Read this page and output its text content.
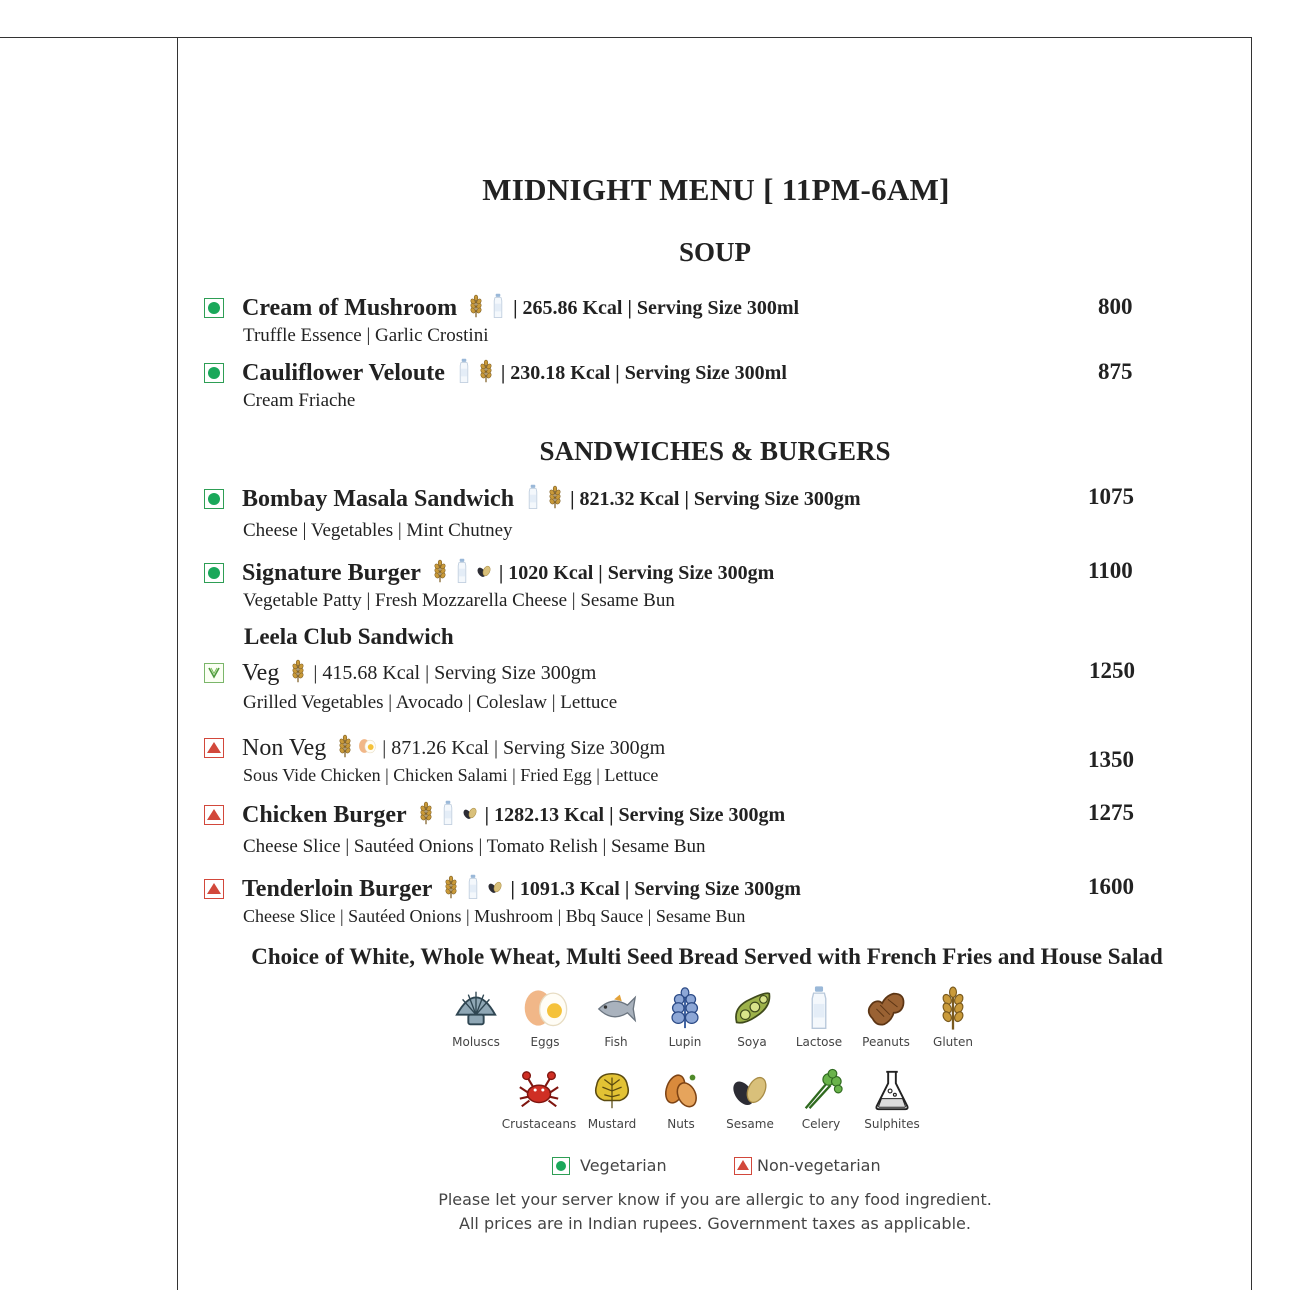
MIDNIGHT MENU [ 11PM-6AM]
SOUP
SANDWICHES & BURGERS
Cream of Mushroom	| 265.86 Kcal | Serving Size 300ml
Truffle Essence | Garlic Crostini
800
Cauliflower Veloute	| 230.18 Kcal | Serving Size 300ml
Cream Friache
875
Bombay Masala Sandwich	| 821.32 Kcal | Serving Size 300gm
Cheese | Vegetables | Mint Chutney
1075
Signature Burger	| 1020 Kcal | Serving Size 300gm
Vegetable Patty | Fresh Mozzarella Cheese | Sesame Bun
1100
Leela Club Sandwich
Veg | 415.68 Kcal | Serving Size 300gm
Grilled Vegetables | Avocado | Coleslaw | Lettuce
1250
Non Veg	| 871.26 Kcal | Serving Size 300gm
Sous Vide Chicken | Chicken Salami | Fried Egg | Lettuce
1350
Chicken Burger	| 1282.13 Kcal | Serving Size 300gm
Cheese Slice | Sautéed Onions | Tomato Relish | Sesame Bun
1275
Tenderloin Burger	| 1091.3 Kcal | Serving Size 300gm
Cheese Slice | Sautéed Onions | Mushroom | Bbq Sauce | Sesame Bun
1600
Choice of White, Whole Wheat, Multi Seed Bread Served with French Fries and House Salad
Moluscs	Eggs	Fish	Lupin	Soya	Lactose	Peanuts	Gluten
Crustaceans Mustard	Nuts	Sesame	Celery	Sulphites
Vegetarian	Non-vegetarian
Please let your server know if you are allergic to any food ingredient.
All prices are in Indian rupees. Government taxes as applicable.
